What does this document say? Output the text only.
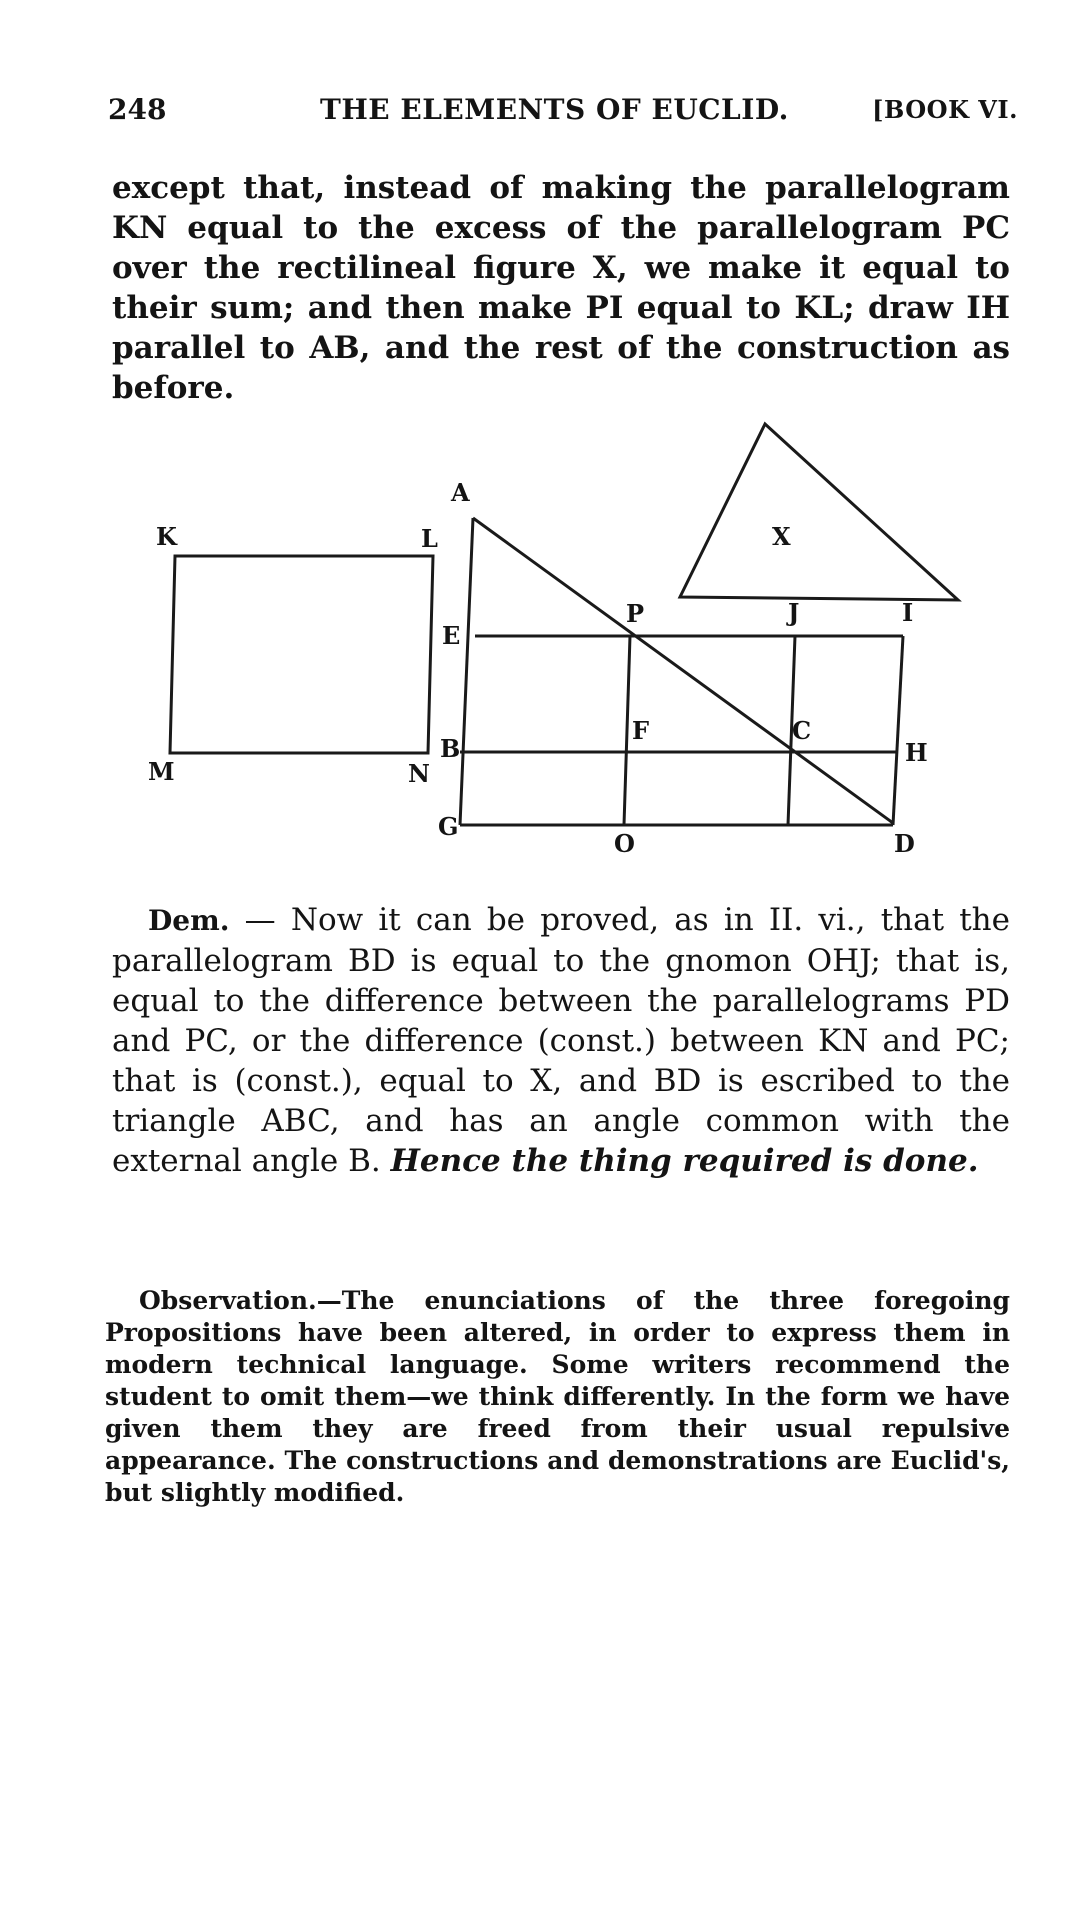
248	THE ELEMENTS OF EUCLID.	[BOOK VI.

except that, instead of making the parallelogram KN equal to the excess of the parallelogram PC over the rectilineal figure X, we make it equal to their sum; and then make PI equal to KL; draw IH parallel to AB, and the rest of the construction as before.

K	L
M	N
A
E
B
G
P	J	I
F	C
H
O	D
X

Dem. — Now it can be proved, as in II. vi., that the parallelogram BD is equal to the gnomon OHJ; that is, equal to the difference between the parallelograms PD and PC, or the difference (const.) between KN and PC; that is (const.), equal to X, and BD is escribed to the triangle ABC, and has an angle common with the external angle B. Hence the thing required is done.

Observation.—The enunciations of the three foregoing Propositions have been altered, in order to express them in modern technical language. Some writers recommend the student to omit them—we think differently. In the form we have given them they are freed from their usual repulsive appearance. The constructions and demonstrations are Euclid's, but slightly modified.
